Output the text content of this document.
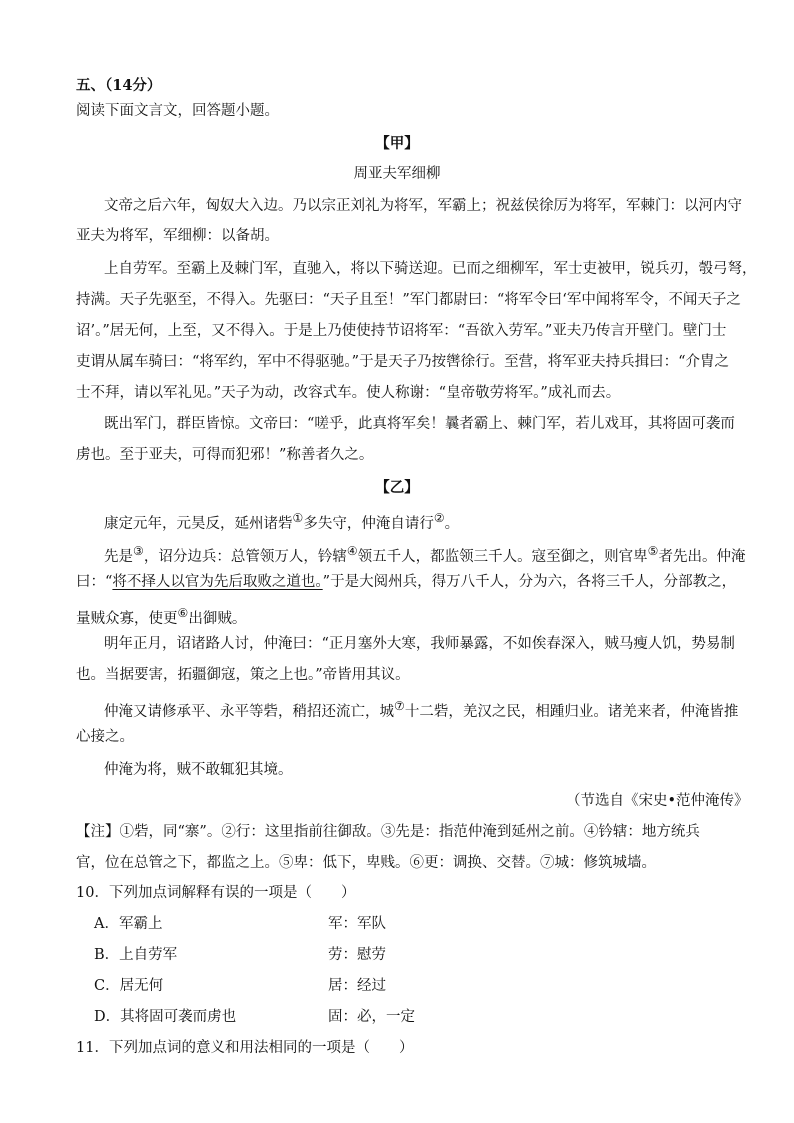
五、（14分）
阅读下面文言文，回答题小题。
【甲】
周亚夫军细柳
文帝之后六年，匈奴大入边。乃以宗正刘礼为将军，军霸上；祝兹侯徐厉为将军，军棘门：以河内守
亚夫为将军，军细柳：以备胡。
上自劳军。至霸上及棘门军，直驰入，将以下骑送迎。已而之细柳军，军士吏被甲，锐兵刃，彀弓弩，
持满。天子先驱至，不得入。先驱曰：“天子且至！”军门都尉曰：“将军令曰‘军中闻将军令，不闻天子之
诏’。”居无何，上至，又不得入。于是上乃使使持节诏将军：“吾欲入劳军。”亚夫乃传言开壁门。壁门士
吏谓从属车骑曰：“将军约，军中不得驱驰。”于是天子乃按辔徐行。至营，将军亚夫持兵揖曰：“介胄之
士不拜，请以军礼见。”天子为动，改容式车。使人称谢：“皇帝敬劳将军。”成礼而去。
既出军门，群臣皆惊。文帝曰：“嗟乎，此真将军矣！曩者霸上、棘门军，若儿戏耳，其将固可袭而
虏也。至于亚夫，可得而犯邪！”称善者久之。
【乙】
康定元年，元昊反，延州诸砦①多失守，仲淹自请行②。
先是③，诏分边兵：总管领万人，钤辖④领五千人，都监领三千人。寇至御之，则官卑⑤者先出。仲淹
曰：“将不择人以官为先后取败之道也。”于是大阅州兵，得万八千人，分为六，各将三千人，分部教之，
量贼众寡，使更⑥出御贼。
明年正月，诏诸路人讨，仲淹曰：“正月塞外大寒，我师暴露，不如俟春深入，贼马瘦人饥，势易制
也。当据要害，拓疆御寇，策之上也。”帝皆用其议。
仲淹又请修承平、永平等砦，稍招还流亡，城⑦十二砦，羌汉之民，相踵归业。诸羌来者，仲淹皆推
心接之。
仲淹为将，贼不敢辄犯其境。
（节选自《宋史•范仲淹传》
【注】①砦，同“寨”。②行：这里指前往御敌。③先是：指范仲淹到延州之前。④钤辖：地方统兵
官，位在总管之下，都监之上。⑤卑：低下，卑贱。⑥更：调换、交替。⑦城：修筑城墙。
10．下列加点词解释有误的一项是（　　）
A．军霸上	军：军队
B．上自劳军	劳：慰劳
C．居无何	居：经过
D．其将固可袭而虏也	固：必，一定
11．下列加点词的意义和用法相同的一项是（　　）
